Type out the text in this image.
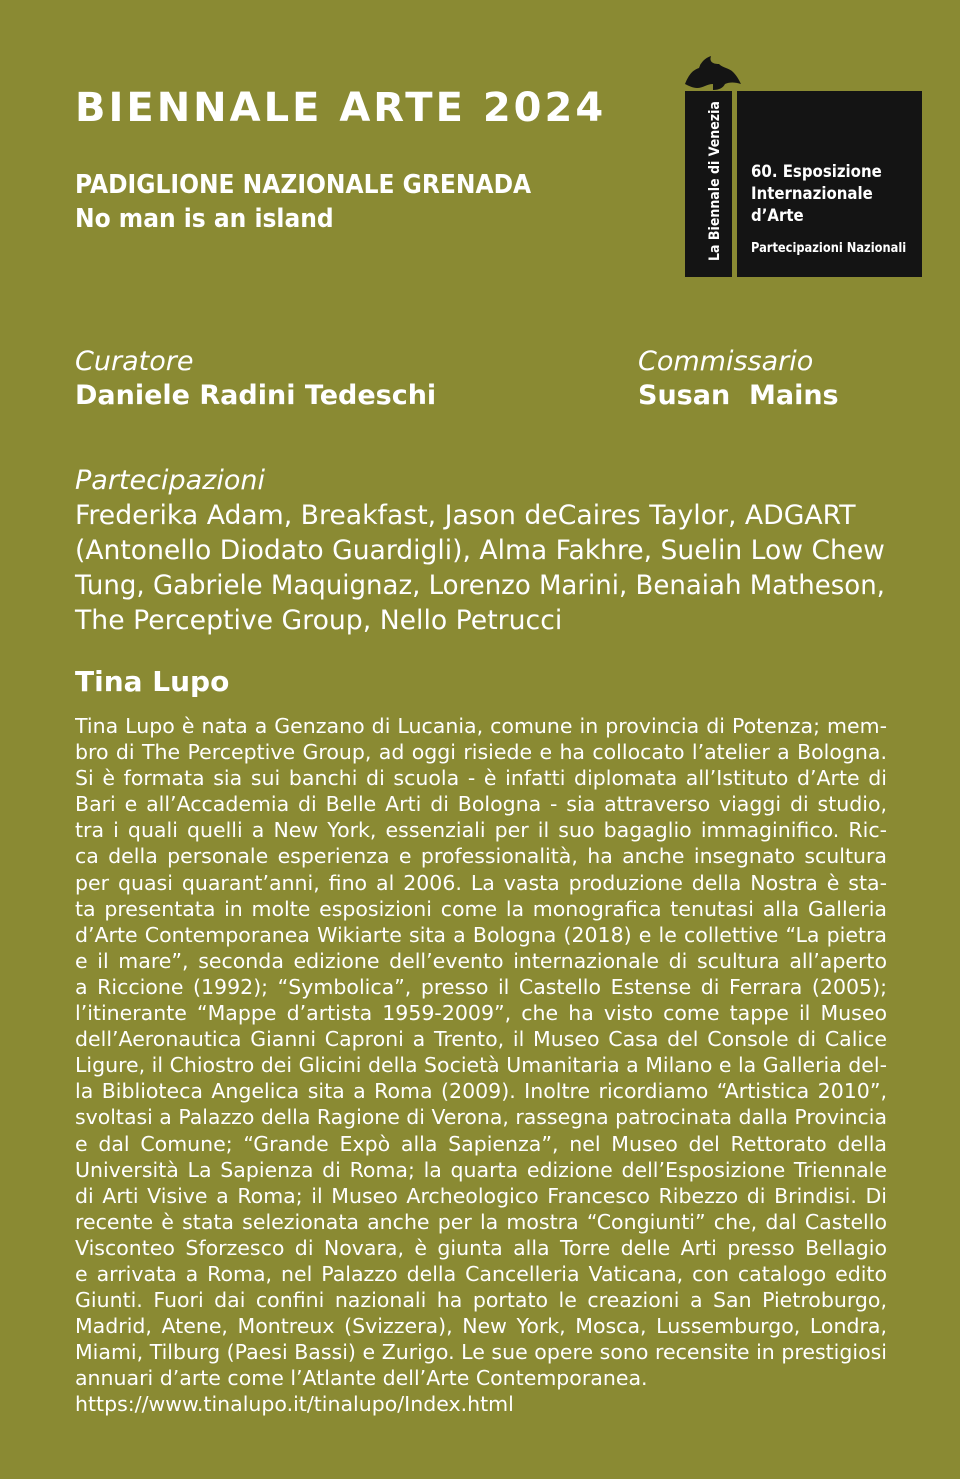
BIENNALE ARTE 2024
PADIGLIONE NAZIONALE GRENADA
No man is an island	La Biennale di Venezia 60. Esposizione
Internazionale
d’Arte
Partecipazioni Nazionali
Curatore
Daniele Radini Tedeschi
Commissario
Susan  Mains
Partecipazioni
Frederika Adam, Breakfast, Jason deCaires Taylor, ADGART
(Antonello Diodato Guardigli), Alma Fakhre, Suelin Low Chew
Tung, Gabriele Maquignaz, Lorenzo Marini, Benaiah Matheson,
The Perceptive Group, Nello Petrucci
Tina Lupo
Tina Lupo è nata a Genzano di Lucania, comune in provincia di Potenza; mem-
bro di The Perceptive Group, ad oggi risiede e ha collocato l’atelier a Bologna.
Si è formata sia sui banchi di scuola - è infatti diplomata all’Istituto d’Arte di
Bari e all’Accademia di Belle Arti di Bologna - sia attraverso viaggi di studio,
tra i quali quelli a New York, essenziali per il suo bagaglio immaginifico. Ric-
ca della personale esperienza e professionalità, ha anche insegnato scultura
per quasi quarant’anni, fino al 2006. La vasta produzione della Nostra è sta-
ta presentata in molte esposizioni come la monografica tenutasi alla Galleria
d’Arte Contemporanea Wikiarte sita a Bologna (2018) e le collettive “La pietra
e il mare”, seconda edizione dell’evento internazionale di scultura all’aperto
a Riccione (1992); “Symbolica”, presso il Castello Estense di Ferrara (2005);
l’itinerante “Mappe d’artista 1959-2009”, che ha visto come tappe il Museo
dell’Aeronautica Gianni Caproni a Trento, il Museo Casa del Console di Calice
Ligure, il Chiostro dei Glicini della Società Umanitaria a Milano e la Galleria del-
la Biblioteca Angelica sita a Roma (2009). Inoltre ricordiamo “Artistica 2010”,
svoltasi a Palazzo della Ragione di Verona, rassegna patrocinata dalla Provincia
e dal Comune; “Grande Expò alla Sapienza”, nel Museo del Rettorato della
Università La Sapienza di Roma; la quarta edizione dell’Esposizione Triennale
di Arti Visive a Roma; il Museo Archeologico Francesco Ribezzo di Brindisi. Di
recente è stata selezionata anche per la mostra “Congiunti” che, dal Castello
Visconteo Sforzesco di Novara, è giunta alla Torre delle Arti presso Bellagio
e arrivata a Roma, nel Palazzo della Cancelleria Vaticana, con catalogo edito
Giunti. Fuori dai confini nazionali ha portato le creazioni a San Pietroburgo,
Madrid, Atene, Montreux (Svizzera), New York, Mosca, Lussemburgo, Londra,
Miami, Tilburg (Paesi Bassi) e Zurigo. Le sue opere sono recensite in prestigiosi
annuari d’arte come l’Atlante dell’Arte Contemporanea.
https://www.tinalupo.it/tinalupo/Index.html
